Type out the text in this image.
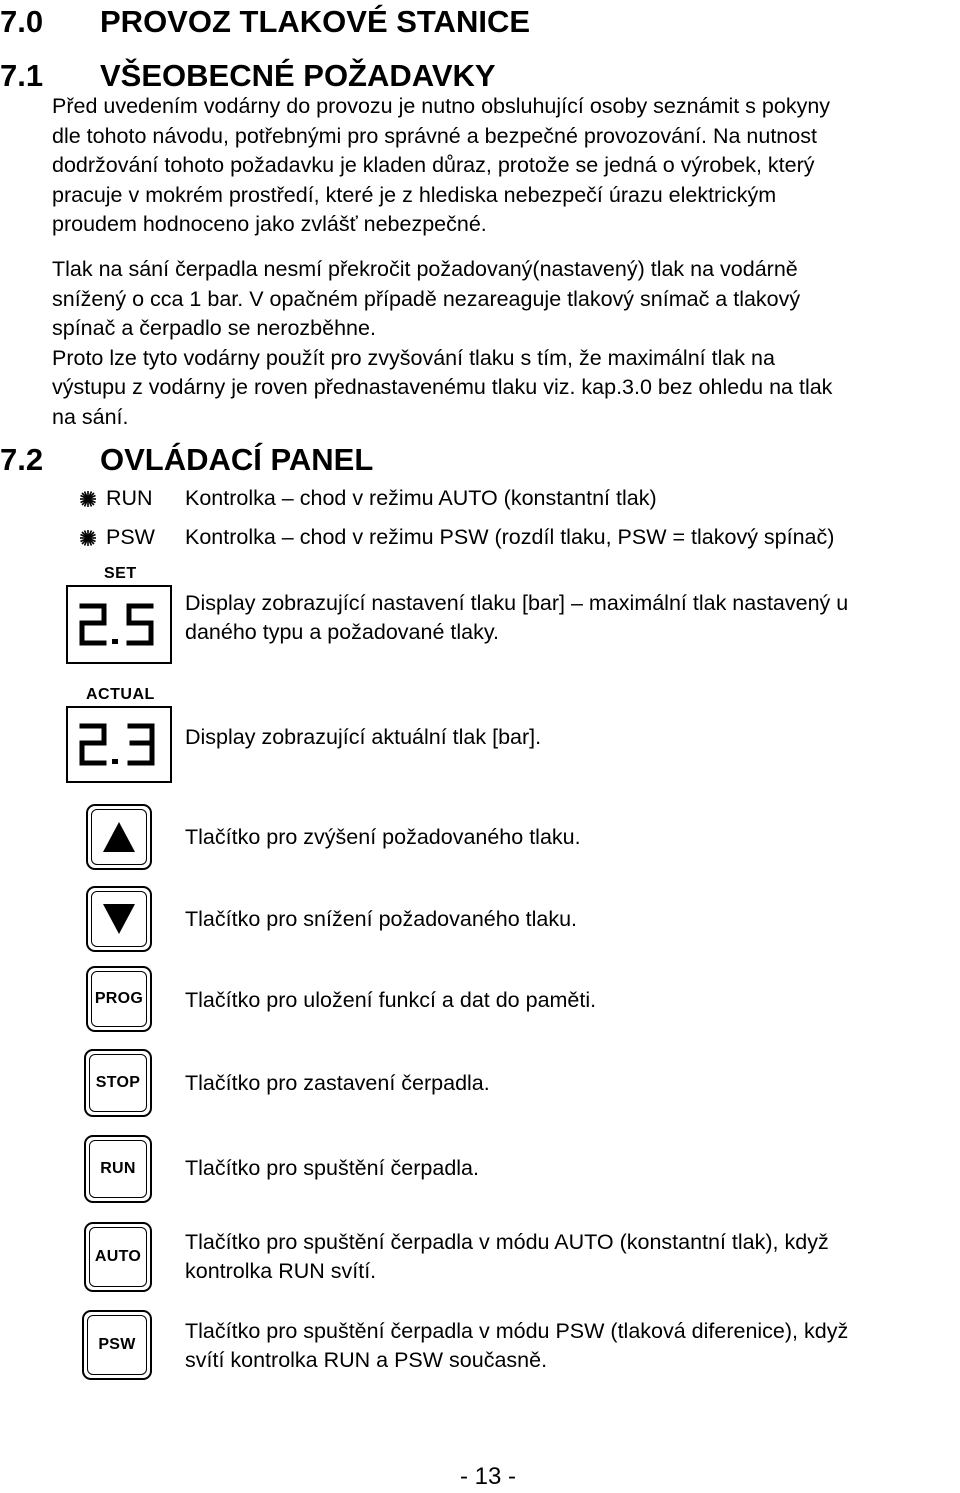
7.0 PROVOZ TLAKOVÉ STANICE
7.1 VŠEOBECNÉ POŽADAVKY
Před uvedením vodárny do provozu je nutno obsluhující osoby seznámit s pokyny
dle tohoto návodu, potřebnými pro správné a bezpečné provozování. Na nutnost
dodržování tohoto požadavku je kladen důraz, protože se jedná o výrobek, který
pracuje v mokrém prostředí, které je z hlediska nebezpečí úrazu elektrickým
proudem hodnoceno jako zvlášť nebezpečné.
Tlak na sání čerpadla nesmí překročit požadovaný(nastavený) tlak na vodárně
snížený o cca 1 bar. V opačném případě nezareaguje tlakový snímač a tlakový
spínač a čerpadlo se nerozběhne.
Proto lze tyto vodárny použít pro zvyšování tlaku s tím, že maximální tlak na
výstupu z vodárny je roven přednastavenému tlaku viz. kap.3.0 bez ohledu na tlak
na sání.
7.2 OVLÁDACÍ PANEL
RUN Kontrolka – chod v režimu AUTO (konstantní tlak)
PSW Kontrolka – chod v režimu PSW (rozdíl tlaku, PSW = tlakový spínač)
SET
Display zobrazující nastavení tlaku [bar] – maximální tlak nastavený u
daného typu a požadované tlaky.
ACTUAL
Display zobrazující aktuální tlak [bar].
Tlačítko pro zvýšení požadovaného tlaku.
Tlačítko pro snížení požadovaného tlaku.
PROG Tlačítko pro uložení funkcí a dat do paměti.
STOP Tlačítko pro zastavení čerpadla.
RUN Tlačítko pro spuštění čerpadla.
AUTO
Tlačítko pro spuštění čerpadla v módu AUTO (konstantní tlak), když
kontrolka RUN svítí.
PSW
Tlačítko pro spuštění čerpadla v módu PSW (tlaková diferenice), když
svítí kontrolka RUN a PSW současně.
- 13 -
